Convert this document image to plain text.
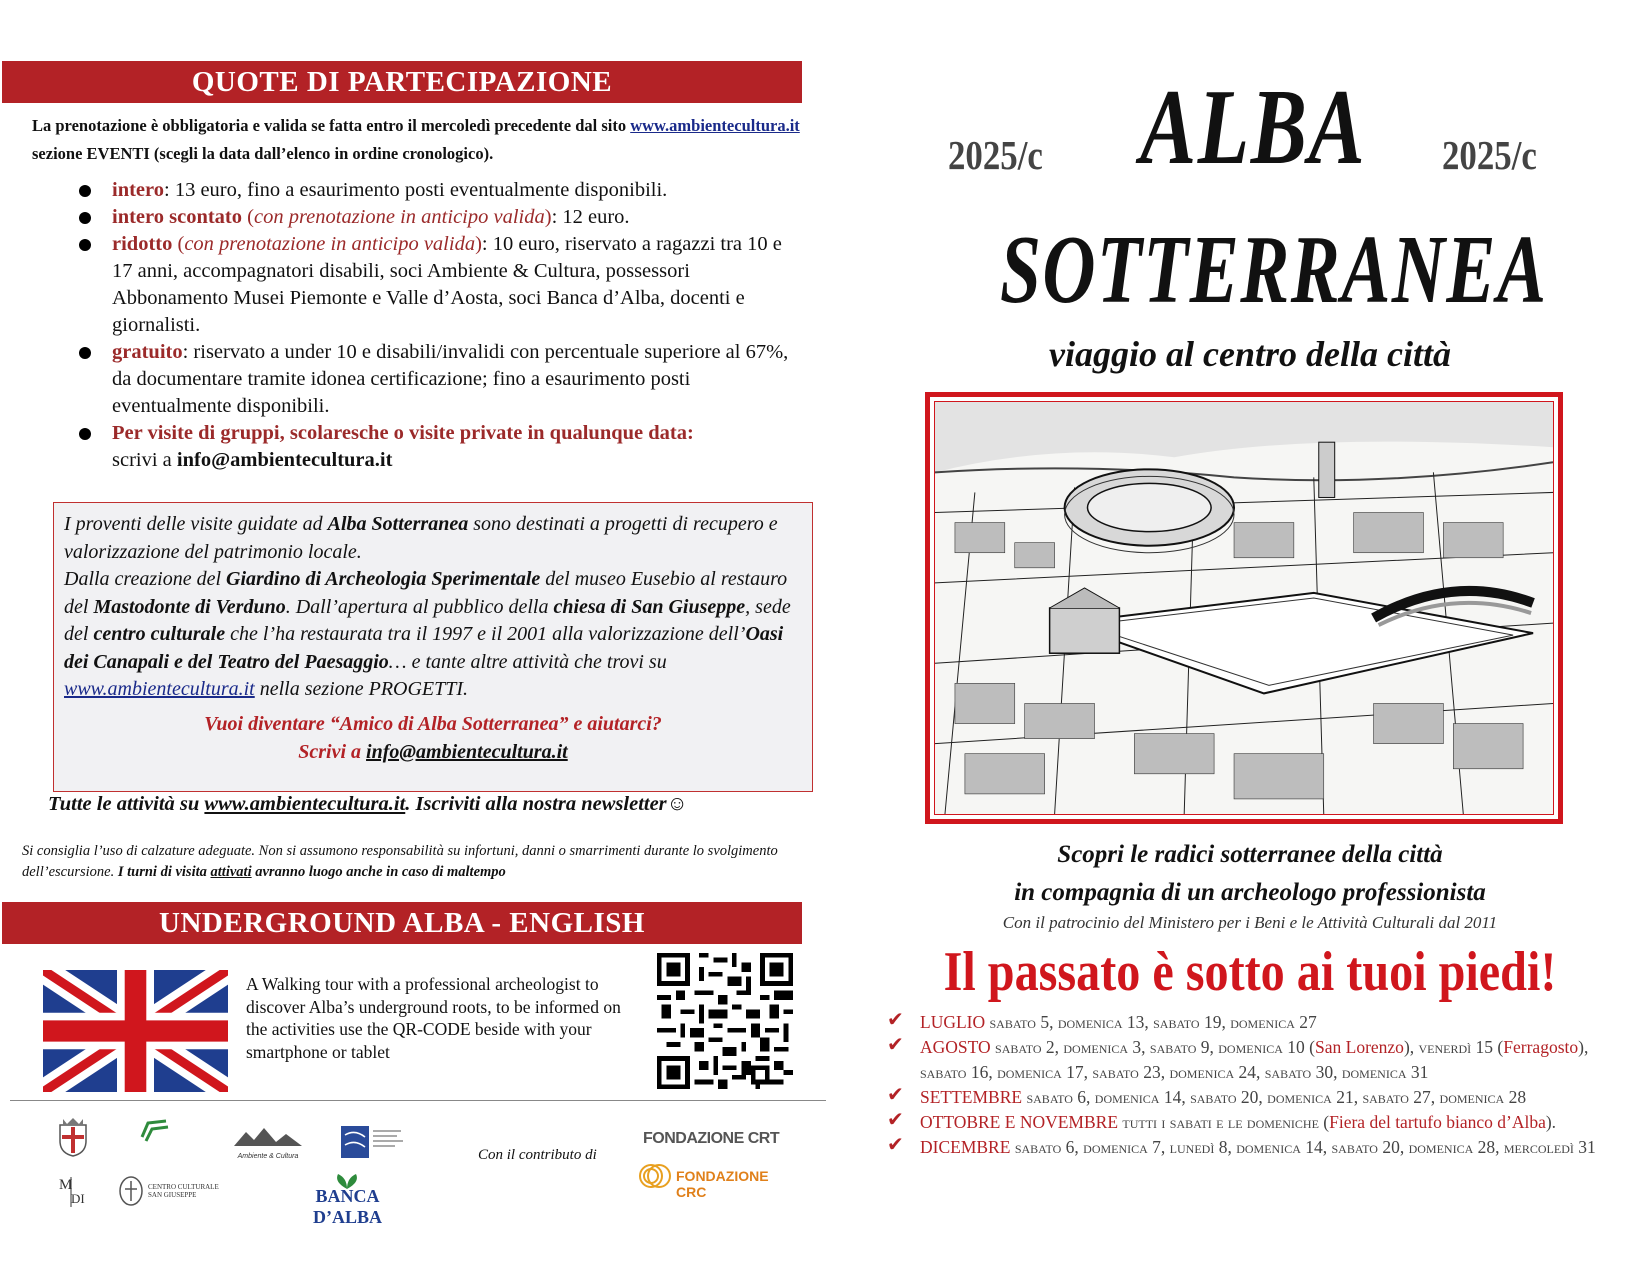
QUOTE DI PARTECIPAZIONE
La prenotazione è obbligatoria e valida se fatta entro il mercoledì precedente dal sito www.ambientecultura.it sezione EVENTI (scegli la data dall’elenco in ordine cronologico).
intero: 13 euro, fino a esaurimento posti eventualmente disponibili.
intero scontato (con prenotazione in anticipo valida): 12 euro.
ridotto (con prenotazione in anticipo valida): 10 euro, riservato a ragazzi tra 10 e 17 anni, accompagnatori disabili, soci Ambiente & Cultura, possessori Abbonamento Musei Piemonte e Valle d’Aosta, soci Banca d’Alba, docenti e giornalisti.
gratuito: riservato a under 10 e disabili/invalidi con percentuale superiore al 67%, da documentare tramite idonea certificazione; fino a esaurimento posti eventualmente disponibili.
Per visite di gruppi, scolaresche o visite private in qualunque data:
scrivi a info@ambientecultura.it
I proventi delle visite guidate ad Alba Sotterranea sono destinati a progetti di recupero e valorizzazione del patrimonio locale.
Dalla creazione del Giardino di Archeologia Sperimentale del museo Eusebio al restauro del Mastodonte di Verduno. Dall’apertura al pubblico della chiesa di San Giuseppe, sede del centro culturale che l’ha restaurata tra il 1997 e il 2001 alla valorizzazione dell’Oasi dei Canapali e del Teatro del Paesaggio… e tante altre attività che trovi su www.ambientecultura.it nella sezione PROGETTI.
Vuoi diventare “Amico di Alba Sotterranea” e aiutarci?
Scrivi a info@ambientecultura.it
Tutte le attività su www.ambientecultura.it. Iscriviti alla nostra newsletter☺
Si consiglia l’uso di calzature adeguate. Non si assumono responsabilità su infortuni, danni o smarrimenti durante lo svolgimento dell’escursione. I turni di visita attivati avranno luogo anche in caso di maltempo
UNDERGROUND ALBA - ENGLISH
A Walking tour with a professional archeologist to discover Alba’s underground roots, to be informed on the activities use the QR-CODE beside with your smartphone or tablet
Ambiente & Cultura
M
DI
CENTRO CULTURALE SAN GIUSEPPE	BANCA D’ALBA
Con il contributo di
FONDAZIONE CRT
FONDAZIONE CRC
2025/c	2025/c
ALBA
SOTTERRANEA
viaggio al centro della città
Scopri le radici sotterranee della città
in compagnia di un archeologo professionista
Con il patrocinio del Ministero per i Beni e le Attività Culturali dal 2011
Il passato è sotto ai tuoi piedi!
✔ LUGLIO sabato 5, domenica 13, sabato 19, domenica 27
✔ AGOSTO sabato 2, domenica 3, sabato 9, domenica 10 (San Lorenzo), venerdì 15 (Ferragosto), sabato 16, domenica 17, sabato 23, domenica 24, sabato 30, domenica 31
✔ SETTEMBRE sabato 6, domenica 14, sabato 20, domenica 21, sabato 27, domenica 28
✔ OTTOBRE E NOVEMBRE tutti i sabati e le domeniche (Fiera del tartufo bianco d’Alba).
✔ DICEMBRE sabato 6, domenica 7, lunedì 8, domenica 14, sabato 20, domenica 28, mercoledì 31
